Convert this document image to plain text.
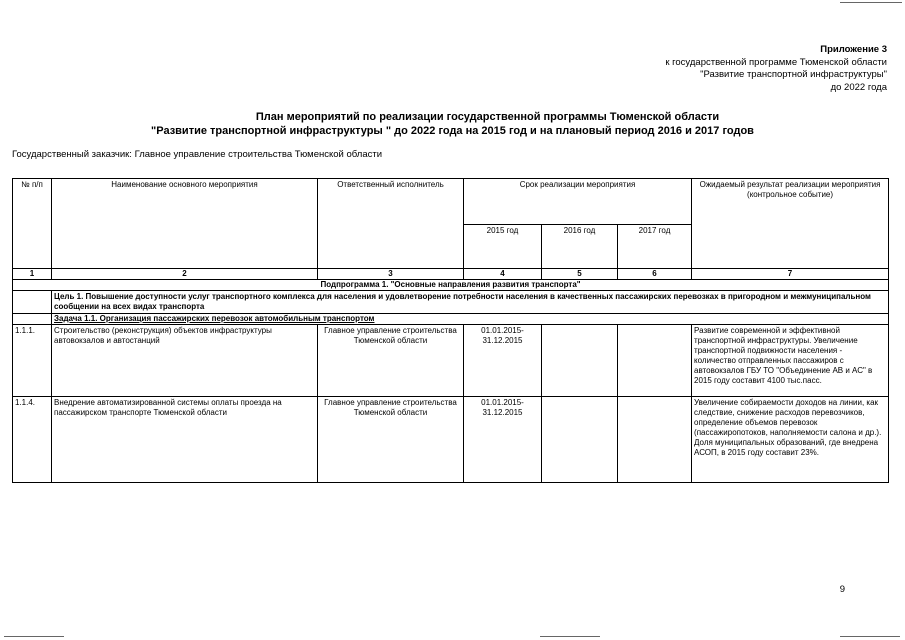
Приложение 3
к государственной программе Тюменской области
"Развитие транспортной инфраструктуры"
до 2022 года
План мероприятий по реализации государственной программы Тюменской области
"Развитие транспортной инфраструктуры " до 2022 года на 2015 год и на плановый период 2016 и 2017 годов
Государственный заказчик: Главное управление строительства Тюменской области
№ п/п	Наименование основного мероприятия	Ответственный исполнитель	Срок реализации мероприятия			Ожидаемый результат реализации мероприятия (контрольное событие)
			2015 год	2016 год	2017 год	
1	2	3	4	5	6	7
Подпрограмма 1. "Основные направления развития транспорта"						
	Цель 1. Повышение доступности услуг транспортного комплекса для населения и удовлетворение потребности населения в качественных пассажирских перевозках в пригородном и межмуниципальном сообщении на всех видах транспорта					
	Задача 1.1. Организация пассажирских перевозок автомобильным транспортом					
1.1.1.	Строительство (реконструкция) объектов инфраструктуры автовокзалов и автостанций	Главное управление строительства Тюменской области	01.01.2015-
31.12.2015			Развитие современной и эффективной транспортной инфраструктуры. Увеличение транспортной подвижности населения - количество отправленных пассажиров с автовокзалов ГБУ ТО "Объединение АВ и АС" в 2015 году составит 4100 тыс.пасс.
1.1.4.	Внедрение автоматизированной системы оплаты проезда на пассажирском транспорте Тюменской области	Главное управление строительства Тюменской области	01.01.2015-
31.12.2015			Увеличение собираемости доходов на линии, как следствие, снижение расходов перевозчиков, определение объемов перевозок (пассажиропотоков, наполняемости салона и др.). Доля муниципальных образований, где внедрена АСОП, в 2015 году составит 23%.
9
